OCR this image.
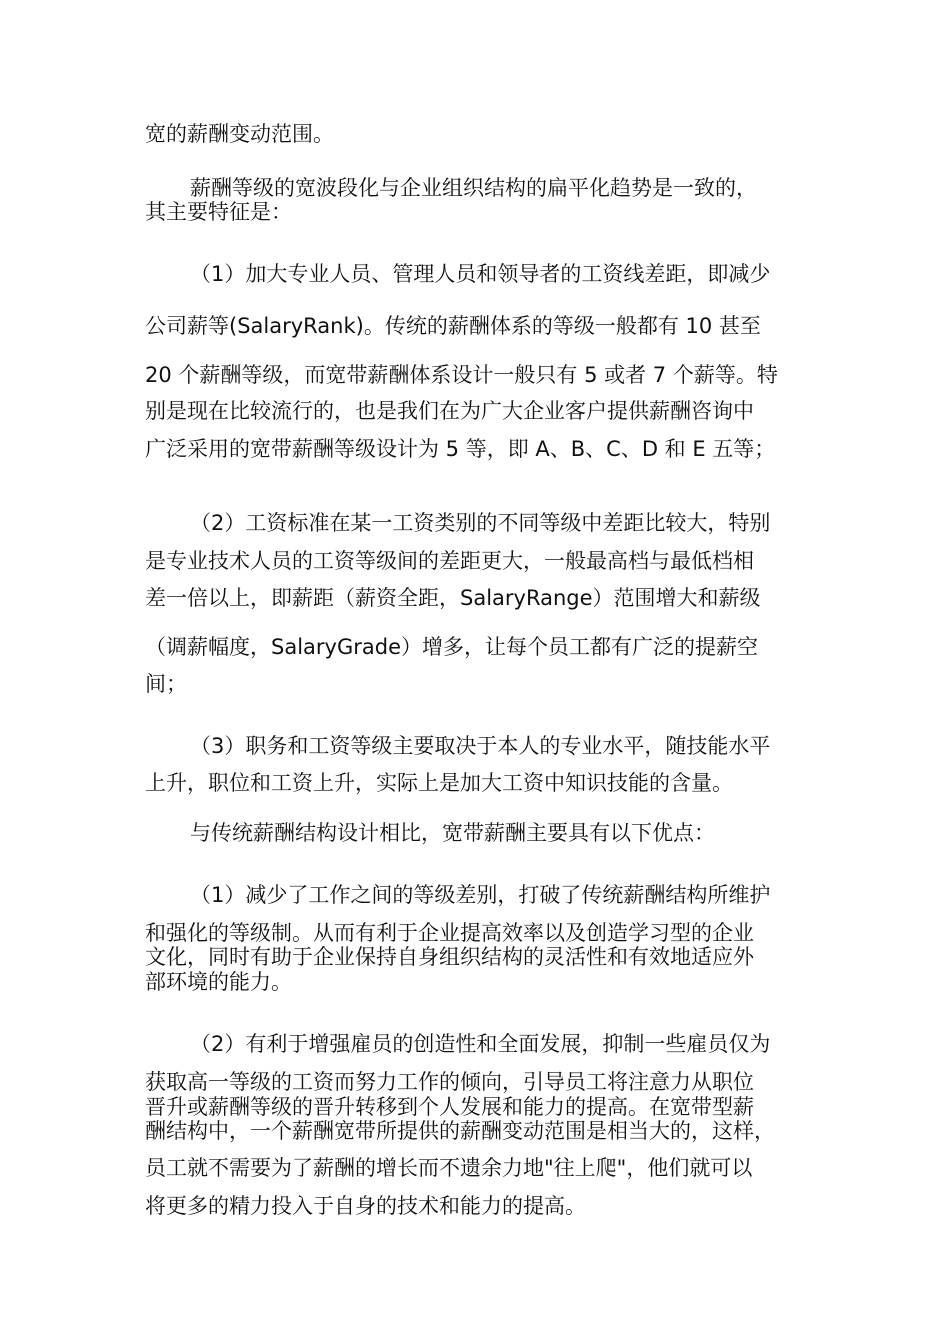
宽的薪酬变动范围。
薪酬等级的宽波段化与企业组织结构的扁平化趋势是一致的，
其主要特征是：
（1）加大专业人员、管理人员和领导者的工资线差距，即减少
公司薪等(SalaryRank)。传统的薪酬体系的等级一般都有 10 甚至
20 个薪酬等级，而宽带薪酬体系设计一般只有 5 或者 7 个薪等。特
别是现在比较流行的，也是我们在为广大企业客户提供薪酬咨询中
广泛采用的宽带薪酬等级设计为 5 等，即 A、B、C、D 和 E 五等；
（2）工资标准在某一工资类别的不同等级中差距比较大，特别
是专业技术人员的工资等级间的差距更大，一般最高档与最低档相
差一倍以上，即薪距（薪资全距，SalaryRange）范围增大和薪级
（调薪幅度，SalaryGrade）增多，让每个员工都有广泛的提薪空
间；
（3）职务和工资等级主要取决于本人的专业水平，随技能水平
上升，职位和工资上升，实际上是加大工资中知识技能的含量。
与传统薪酬结构设计相比，宽带薪酬主要具有以下优点：
（1）减少了工作之间的等级差别，打破了传统薪酬结构所维护
和强化的等级制。从而有利于企业提高效率以及创造学习型的企业
文化，同时有助于企业保持自身组织结构的灵活性和有效地适应外
部环境的能力。
（2）有利于增强雇员的创造性和全面发展，抑制一些雇员仅为
获取高一等级的工资而努力工作的倾向，引导员工将注意力从职位
晋升或薪酬等级的晋升转移到个人发展和能力的提高。在宽带型薪
酬结构中，一个薪酬宽带所提供的薪酬变动范围是相当大的，这样，
员工就不需要为了薪酬的增长而不遗余力地"往上爬"，他们就可以
将更多的精力投入于自身的技术和能力的提高。
